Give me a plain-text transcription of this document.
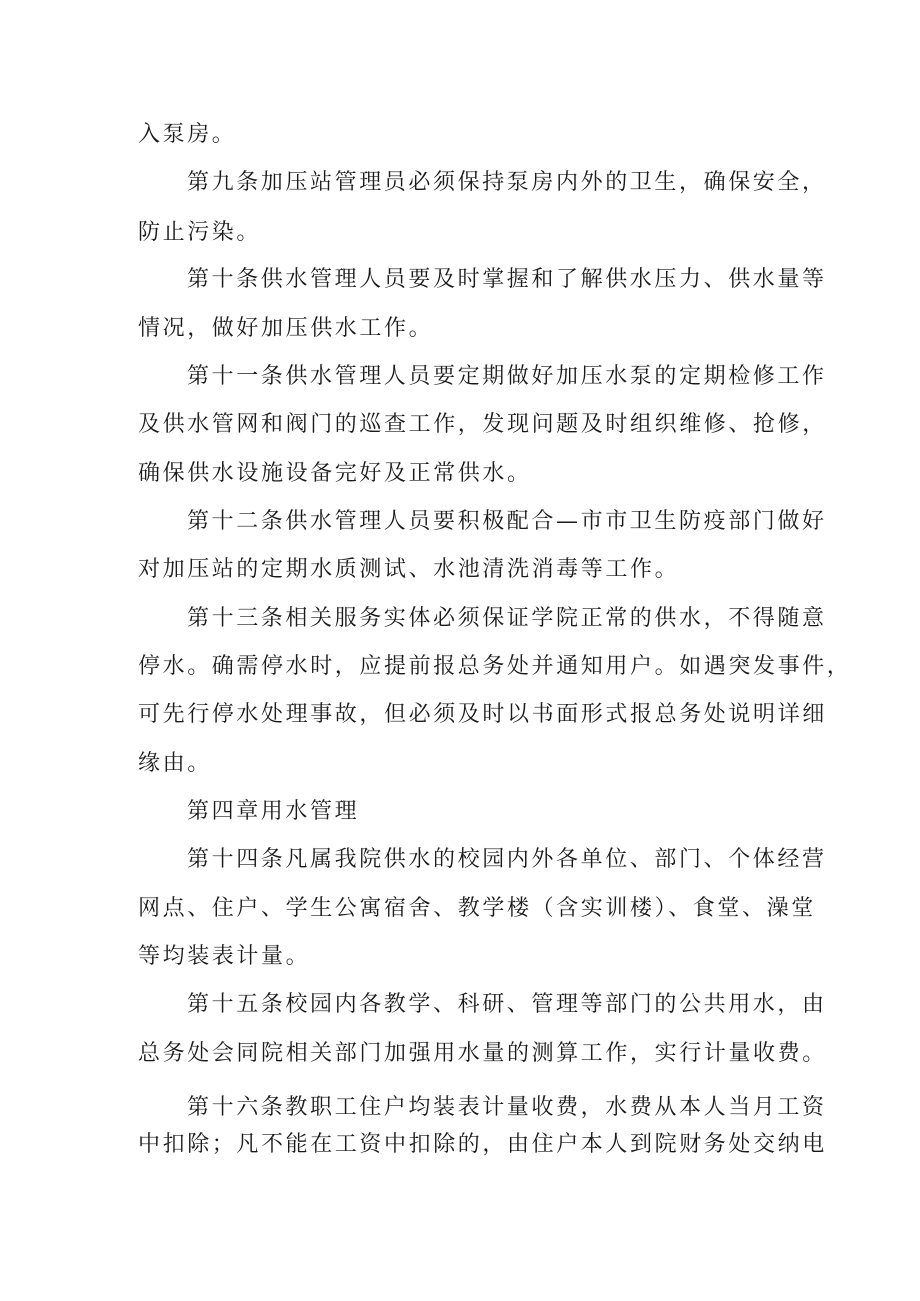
入泵房。
第九条加压站管理员必须保持泵房内外的卫生，确保安全，
防止污染。
第十条供水管理人员要及时掌握和了解供水压力、供水量等
情况，做好加压供水工作。
第十一条供水管理人员要定期做好加压水泵的定期检修工作
及供水管网和阀门的巡查工作，发现问题及时组织维修、抢修，
确保供水设施设备完好及正常供水。
第十二条供水管理人员要积极配合—市市卫生防疫部门做好
对加压站的定期水质测试、水池清洗消毒等工作。
第十三条相关服务实体必须保证学院正常的供水，不得随意
停水。确需停水时，应提前报总务处并通知用户。如遇突发事件，
可先行停水处理事故，但必须及时以书面形式报总务处说明详细
缘由。
第四章用水管理
第十四条凡属我院供水的校园内外各单位、部门、个体经营
网点、住户、学生公寓宿舍、教学楼（含实训楼）、食堂、澡堂
等均装表计量。
第十五条校园内各教学、科研、管理等部门的公共用水，由
总务处会同院相关部门加强用水量的测算工作，实行计量收费。
第十六条教职工住户均装表计量收费，水费从本人当月工资
中扣除；凡不能在工资中扣除的，由住户本人到院财务处交纳电
